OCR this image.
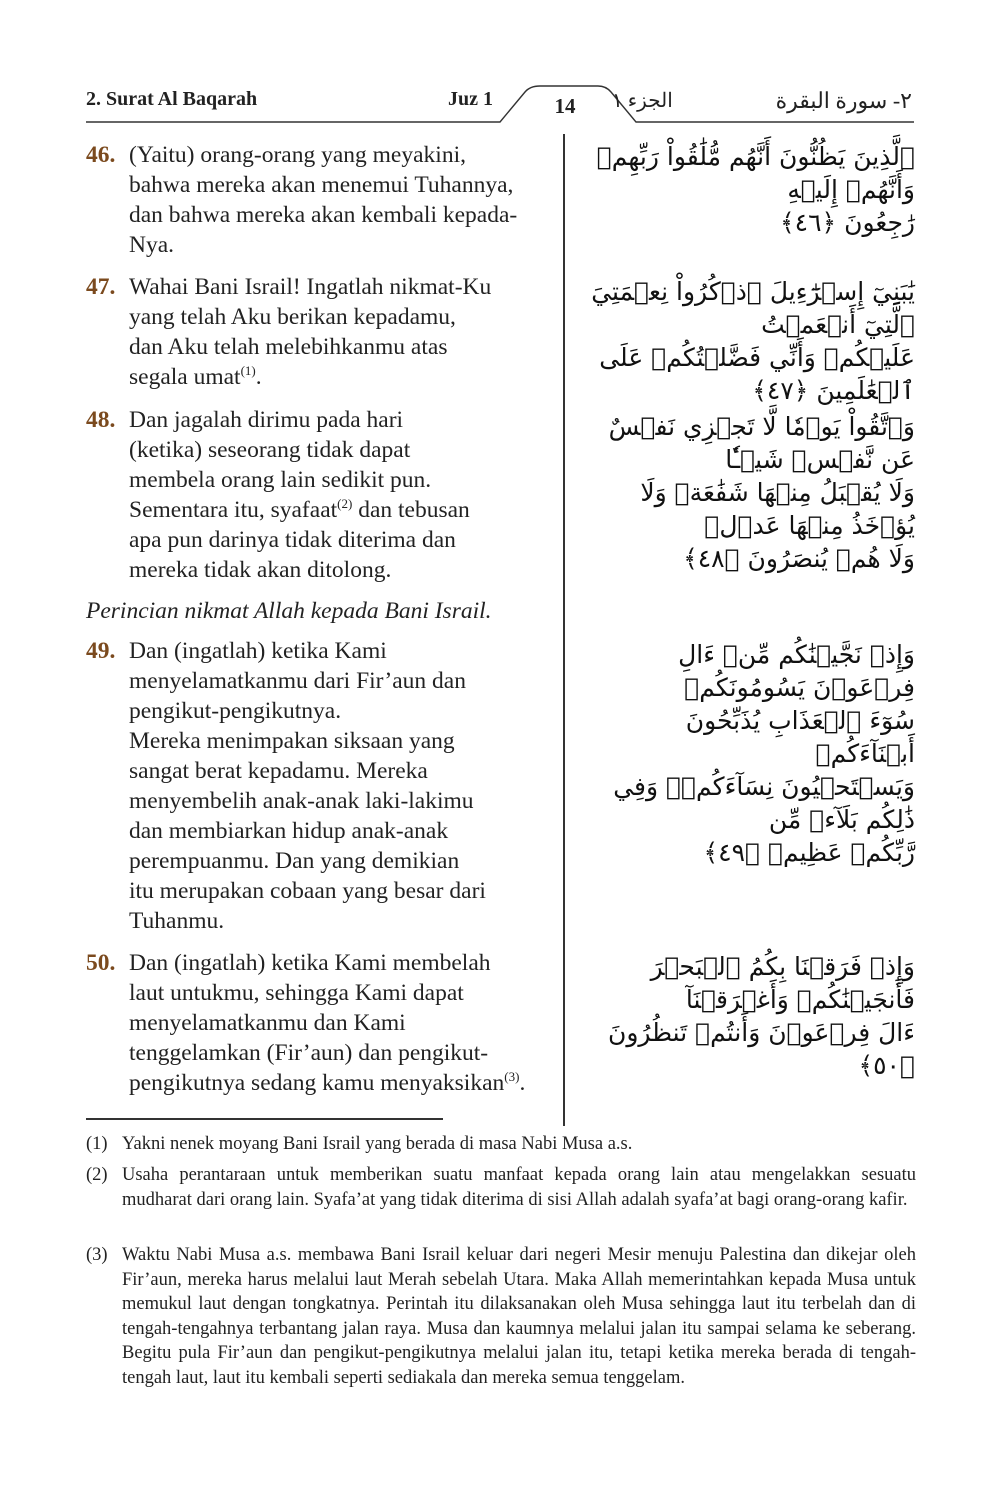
2. Surat Al Baqarah	Juz 1	14	الجزء ١	٢- سورة البقرة
46. (Yaitu) orang-orang yang meyakini,
bahwa mereka akan menemui Tuhannya,
dan bahwa mereka akan kembali kepada-
Nya.
ٱلَّذِينَ يَظُنُّونَ أَنَّهُم مُّلَٰقُواْ رَبِّهِمۡ وَأَنَّهُمۡ إِلَيۡهِ
رَٰجِعُونَ ﴿٤٦﴾
47. Wahai Bani Israil! Ingatlah nikmat-Ku
yang telah Aku berikan kepadamu,
dan Aku telah melebihkanmu atas
segala umat$^{(1)}$.
يَٰبَنِيٓ إِسۡرَٰٓءِيلَ ٱذۡكُرُواْ نِعۡمَتِيَ ٱلَّتِيٓ أَنۡعَمۡتُ
عَلَيۡكُمۡ وَأَنِّي فَضَّلۡتُكُمۡ عَلَى ٱلۡعَٰلَمِينَ ﴿٤٧﴾
48. Dan jagalah dirimu pada hari
(ketika) seseorang tidak dapat
membela orang lain sedikit pun.
Sementara itu, syafaat$^{(2)}$ dan tebusan
apa pun darinya tidak diterima dan
mereka tidak akan ditolong.
وَٱتَّقُواْ يَوۡمٗا لَّا تَجۡزِي نَفۡسٌ عَن نَّفۡسٖ شَيۡـٔٗا
وَلَا يُقۡبَلُ مِنۡهَا شَفَٰعَةٞ وَلَا يُؤۡخَذُ مِنۡهَا عَدۡلٞ
وَلَا هُمۡ يُنصَرُونَ ﴿٤٨﴾
Perincian nikmat Allah kepada Bani Israil.
49. Dan (ingatlah) ketika Kami
menyelamatkanmu dari Fir’aun dan
pengikut-pengikutnya.
Mereka menimpakan siksaan yang
sangat berat kepadamu. Mereka
menyembelih anak-anak laki-lakimu
dan membiarkan hidup anak-anak
perempuanmu. Dan yang demikian
itu merupakan cobaan yang besar dari
Tuhanmu.
وَإِذۡ نَجَّيۡنَٰكُم مِّنۡ ءَالِ فِرۡعَوۡنَ يَسُومُونَكُمۡ
سُوٓءَ ٱلۡعَذَابِ يُذَبِّحُونَ أَبۡنَآءَكُمۡ
وَيَسۡتَحۡيُونَ نِسَآءَكُمۡۚ وَفِي ذَٰلِكُم بَلَآءٞ مِّن
رَّبِّكُمۡ عَظِيمٞ ﴿٤٩﴾
50. Dan (ingatlah) ketika Kami membelah
laut untukmu, sehingga Kami dapat
menyelamatkanmu dan Kami
tenggelamkan (Fir’aun) dan pengikut-
pengikutnya sedang kamu menyaksikan$^{(3)}$.
وَإِذۡ فَرَقۡنَا بِكُمُ ٱلۡبَحۡرَ فَأَنجَيۡنَٰكُمۡ وَأَغۡرَقۡنَآ
ءَالَ فِرۡعَوۡنَ وَأَنتُمۡ تَنظُرُونَ ﴿٥٠﴾
(1) Yakni nenek moyang Bani Israil yang berada di masa Nabi Musa a.s.
(2) Usaha perantaraan untuk memberikan suatu manfaat kepada orang lain atau mengelakkan sesuatu mudharat dari orang lain. Syafa’at yang tidak diterima di sisi Allah adalah syafa’at bagi orang-orang kafir.
(3) Waktu Nabi Musa a.s. membawa Bani Israil keluar dari negeri Mesir menuju Palestina dan dikejar oleh Fir’aun, mereka harus melalui laut Merah sebelah Utara. Maka Allah memerintahkan kepada Musa untuk memukul laut dengan tongkatnya. Perintah itu dilaksanakan oleh Musa sehingga laut itu terbelah dan di tengah-tengahnya terbantang jalan raya. Musa dan kaumnya melalui jalan itu sampai selama ke seberang. Begitu pula Fir’aun dan pengikut-pengikutnya melalui jalan itu, tetapi ketika mereka berada di tengah-tengah laut, laut itu kembali seperti sediakala dan mereka semua tenggelam.
